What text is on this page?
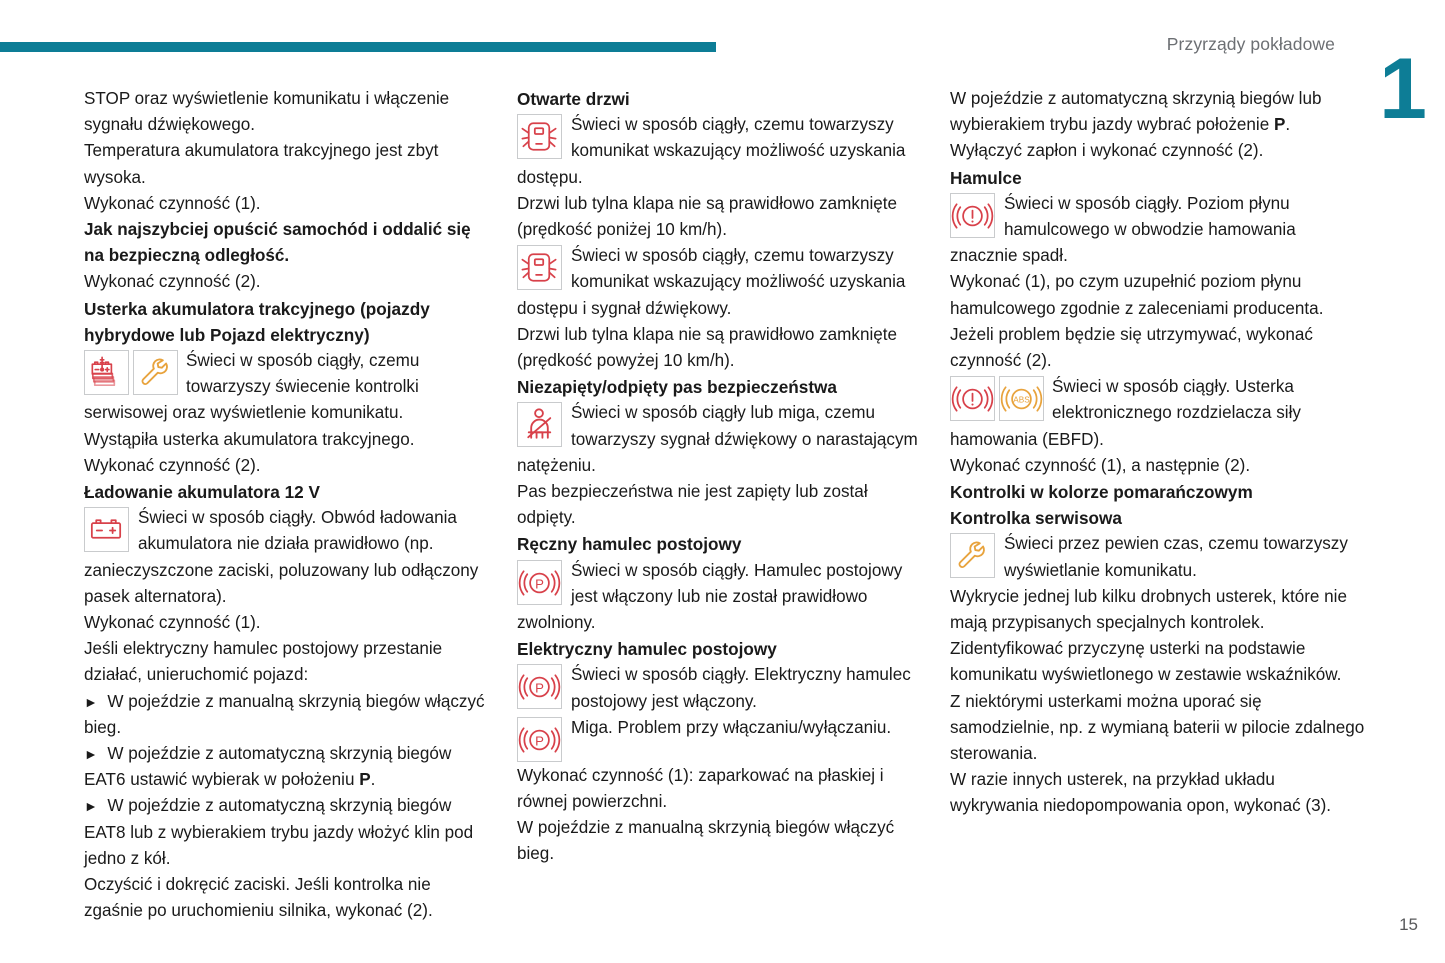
Przyrządy pokładowe 1
15

STOP oraz wyświetlenie komunikatu i włączenie sygnału dźwiękowego.

Temperatura akumulatora trakcyjnego jest zbyt wysoka.

Wykonać czynność (1).

Jak najszybciej opuścić samochód i oddalić się na bezpieczną odległość.

Wykonać czynność (2).

Usterka akumulatora trakcyjnego (pojazdy hybrydowe lub Pojazd elektryczny)
Świeci w sposób ciągły, czemu towarzyszy świecenie kontrolki serwisowej oraz wyświetlenie komunikatu.

Wystąpiła usterka akumulatora trakcyjnego.

Wykonać czynność (2).

Ładowanie akumulatora 12 V
Świeci w sposób ciągły. Obwód ładowania akumulatora nie działa prawidłowo (np. zanieczyszczone zaciski, poluzowany lub odłączony pasek alternatora).

Wykonać czynność (1).

Jeśli elektryczny hamulec postojowy przestanie działać, unieruchomić pojazd:

► W pojeździe z manualną skrzynią biegów włączyć bieg.

► W pojeździe z automatyczną skrzynią biegów EAT6 ustawić wybierak w położeniu P.

► W pojeździe z automatyczną skrzynią biegów EAT8 lub z wybierakiem trybu jazdy włożyć klin pod jedno z kół.

Oczyścić i dokręcić zaciski. Jeśli kontrolka nie zgaśnie po uruchomieniu silnika, wykonać (2).

Otwarte drzwi
Świeci w sposób ciągły, czemu towarzyszy komunikat wskazujący możliwość uzyskania dostępu.

Drzwi lub tylna klapa nie są prawidłowo zamknięte (prędkość poniżej 10 km/h).

Świeci w sposób ciągły, czemu towarzyszy komunikat wskazujący możliwość uzyskania dostępu i sygnał dźwiękowy.

Drzwi lub tylna klapa nie są prawidłowo zamknięte (prędkość powyżej 10 km/h).

Niezapięty/odpięty pas bezpieczeństwa
Świeci w sposób ciągły lub miga, czemu towarzyszy sygnał dźwiękowy o narastającym natężeniu.

Pas bezpieczeństwa nie jest zapięty lub został odpięty.

Ręczny hamulec postojowy
Świeci w sposób ciągły. Hamulec postojowy jest włączony lub nie został prawidłowo zwolniony.
Elektryczny hamulec postojowy
Świeci w sposób ciągły. Elektryczny hamulec postojowy jest włączony.
Miga. Problem przy włączaniu/wyłączaniu.

Wykonać czynność (1): zaparkować na płaskiej i równej powierzchni.

W pojeździe z manualną skrzynią biegów włączyć bieg.

W pojeździe z automatyczną skrzynią biegów lub wybierakiem trybu jazdy wybrać położenie P.

Wyłączyć zapłon i wykonać czynność (2).

Hamulce
Świeci w sposób ciągły. Poziom płynu hamulcowego w obwodzie hamowania znacznie spadł.

Wykonać (1), po czym uzupełnić poziom płynu hamulcowego zgodnie z zaleceniami producenta. Jeżeli problem będzie się utrzymywać, wykonać czynność (2).

Świeci w sposób ciągły. Usterka elektronicznego rozdzielacza siły hamowania (EBFD).

Wykonać czynność (1), a następnie (2).

Kontrolki w kolorze pomarańczowym
Kontrolka serwisowa
Świeci przez pewien czas, czemu towarzyszy wyświetlanie komunikatu.

Wykrycie jednej lub kilku drobnych usterek, które nie mają przypisanych specjalnych kontrolek.

Zidentyfikować przyczynę usterki na podstawie komunikatu wyświetlonego w zestawie wskaźników.

Z niektórymi usterkami można uporać się samodzielnie, np. z wymianą baterii w pilocie zdalnego sterowania.

W razie innych usterek, na przykład układu wykrywania niedopompowania opon, wykonać (3).
